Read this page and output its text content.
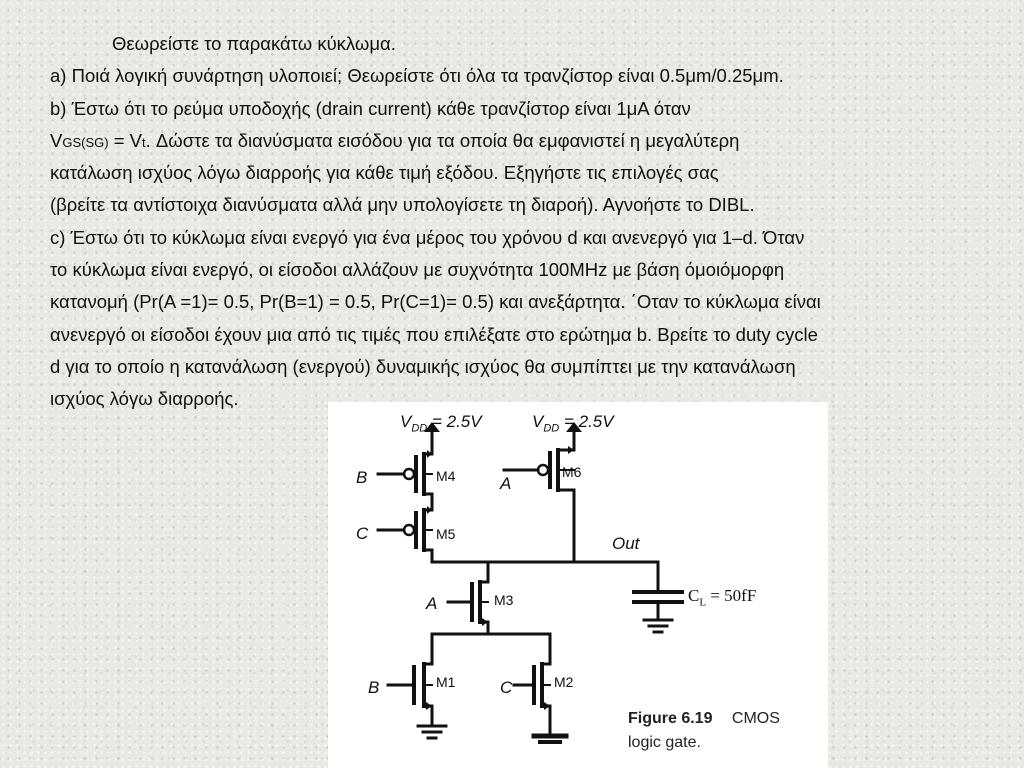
Θεωρείστε το παρακάτω κύκλωμα.
a) Ποιά λογική συνάρτηση υλοποιεί; Θεωρείστε ότι όλα τα τρανζίστορ είναι 0.5μm/0.25μm.
b) Έστω ότι το ρεύμα υποδοχής (drain current) κάθε τρανζίστορ είναι 1μA όταν
VGS(SG) = Vt. Δώστε τα διανύσματα εισόδου για τα οποία θα εμφανιστεί η μεγαλύτερη
κατάλωση ισχύος λόγω διαρροής για κάθε τιμή εξόδου. Εξηγήστε τις επιλογές σας
(βρείτε τα αντίστοιχα διανύσματα αλλά μην υπολογίσετε τη διαροή). Αγνοήστε το DIBL.
c) Έστω ότι το κύκλωμα είναι ενεργό για ένα μέρος του χρόνου d και ανενεργό για 1–d. Όταν
το κύκλωμα είναι ενεργό, οι είσοδοι αλλάζουν με συχνότητα 100MHz με βάση όμοιόμορφη
κατανομή (Pr(A =1)= 0.5, Pr(B=1) = 0.5, Pr(C=1)= 0.5) και ανεξάρτητα. ΄Οταν το κύκλωμα είναι
ανενεργό οι είσοδοι έχουν μια από τις τιμές που επιλέξατε στο ερώτημα b. Βρείτε το duty cycle
d για το οποίο η κατανάλωση (ενεργού) δυναμικής ισχύος θα συμπίπτει με την κατανάλωση
ισχύος λόγω διαρροής.
$V_{DD} = 2.5V$	$V_{DD} = 2.5V$
B
C
A
A
B	C
M4
M5
M6
M3
M1	M2
Out
$C_L = 50fF$
Figure 6.19 CMOS
logic gate.
